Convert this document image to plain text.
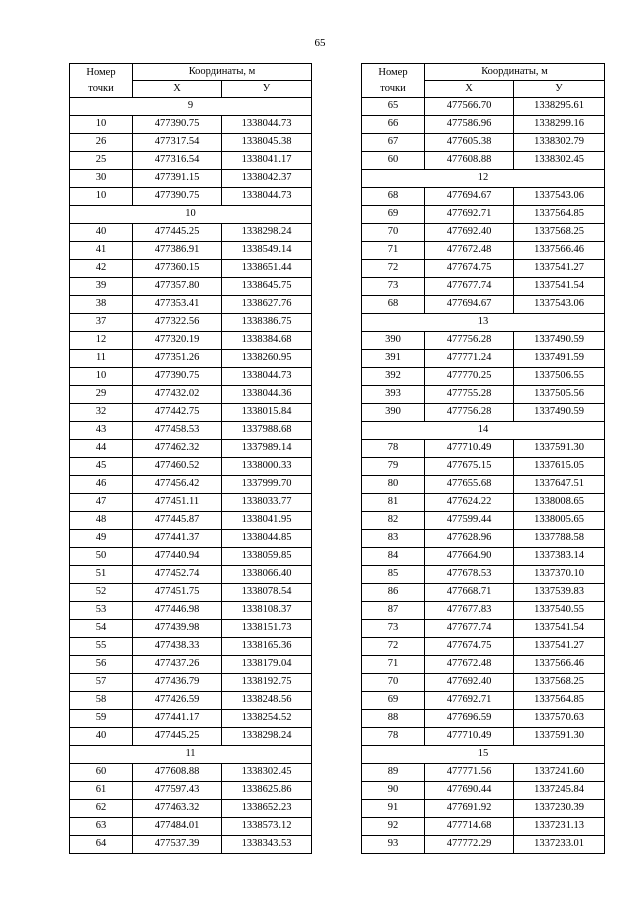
65
Номер
точки	Координаты, м	
	Х	У
9		
10	477390.75	1338044.73
26	477317.54	1338045.38
25	477316.54	1338041.17
30	477391.15	1338042.37
10	477390.75	1338044.73
10		
40	477445.25	1338298.24
41	477386.91	1338549.14
42	477360.15	1338651.44
39	477357.80	1338645.75
38	477353.41	1338627.76
37	477322.56	1338386.75
12	477320.19	1338384.68
11	477351.26	1338260.95
10	477390.75	1338044.73
29	477432.02	1338044.36
32	477442.75	1338015.84
43	477458.53	1337988.68
44	477462.32	1337989.14
45	477460.52	1338000.33
46	477456.42	1337999.70
47	477451.11	1338033.77
48	477445.87	1338041.95
49	477441.37	1338044.85
50	477440.94	1338059.85
51	477452.74	1338066.40
52	477451.75	1338078.54
53	477446.98	1338108.37
54	477439.98	1338151.73
55	477438.33	1338165.36
56	477437.26	1338179.04
57	477436.79	1338192.75
58	477426.59	1338248.56
59	477441.17	1338254.52
40	477445.25	1338298.24
11		
60	477608.88	1338302.45
61	477597.43	1338625.86
62	477463.32	1338652.23
63	477484.01	1338573.12
64	477537.39	1338343.53
Номер
точки	Координаты, м	
	Х	У
65	477566.70	1338295.61
66	477586.96	1338299.16
67	477605.38	1338302.79
60	477608.88	1338302.45
12		
68	477694.67	1337543.06
69	477692.71	1337564.85
70	477692.40	1337568.25
71	477672.48	1337566.46
72	477674.75	1337541.27
73	477677.74	1337541.54
68	477694.67	1337543.06
13		
390	477756.28	1337490.59
391	477771.24	1337491.59
392	477770.25	1337506.55
393	477755.28	1337505.56
390	477756.28	1337490.59
14		
78	477710.49	1337591.30
79	477675.15	1337615.05
80	477655.68	1337647.51
81	477624.22	1338008.65
82	477599.44	1338005.65
83	477628.96	1337788.58
84	477664.90	1337383.14
85	477678.53	1337370.10
86	477668.71	1337539.83
87	477677.83	1337540.55
73	477677.74	1337541.54
72	477674.75	1337541.27
71	477672.48	1337566.46
70	477692.40	1337568.25
69	477692.71	1337564.85
88	477696.59	1337570.63
78	477710.49	1337591.30
15		
89	477771.56	1337241.60
90	477690.44	1337245.84
91	477691.92	1337230.39
92	477714.68	1337231.13
93	477772.29	1337233.01
